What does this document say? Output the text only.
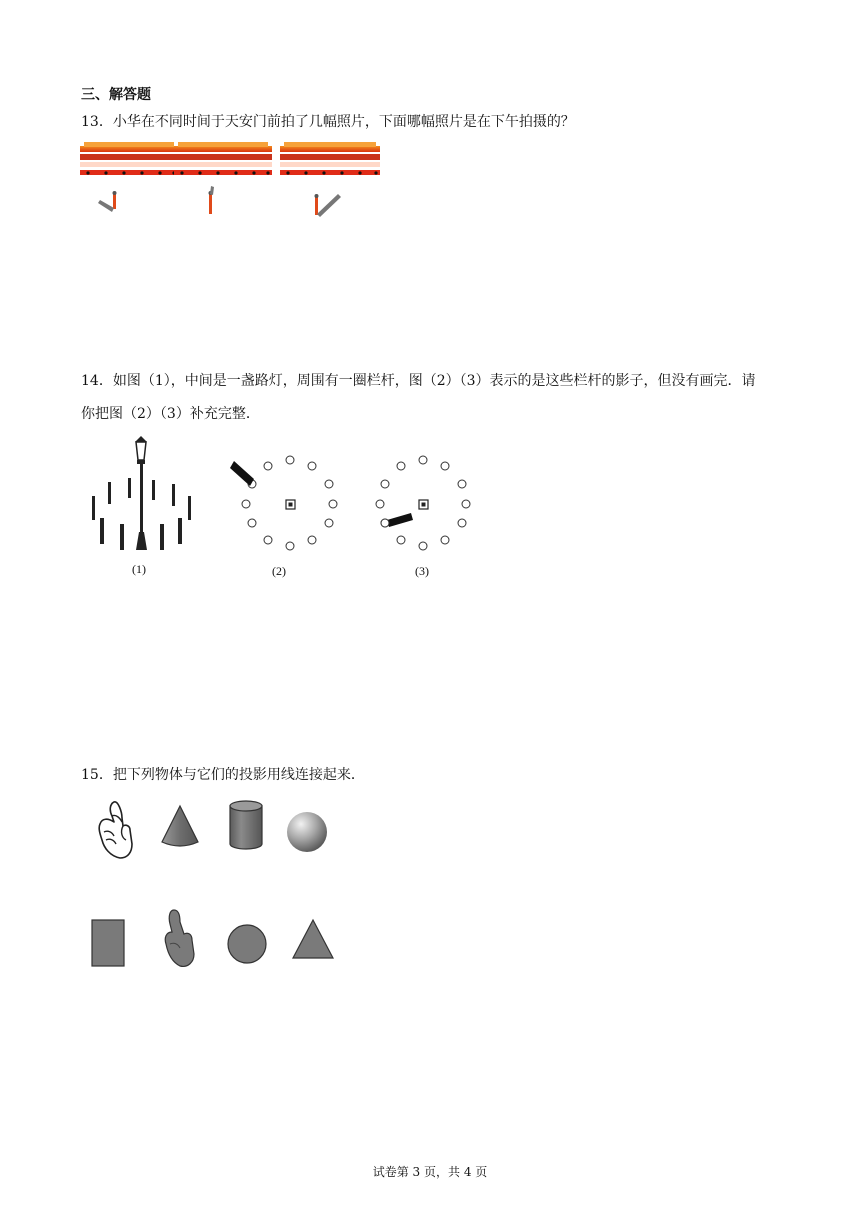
三、解答题
13．小华在不同时间于天安门前拍了几幅照片，下面哪幅照片是在下午拍摄的？
14．如图（1），中间是一盏路灯，周围有一圈栏杆，图（2）（3）表示的是这些栏杆的影子，但没有画完．请
你把图（2）（3）补充完整．
(1)	(2)	(3)
15．把下列物体与它们的投影用线连接起来．
试卷第 3 页，共 4 页
